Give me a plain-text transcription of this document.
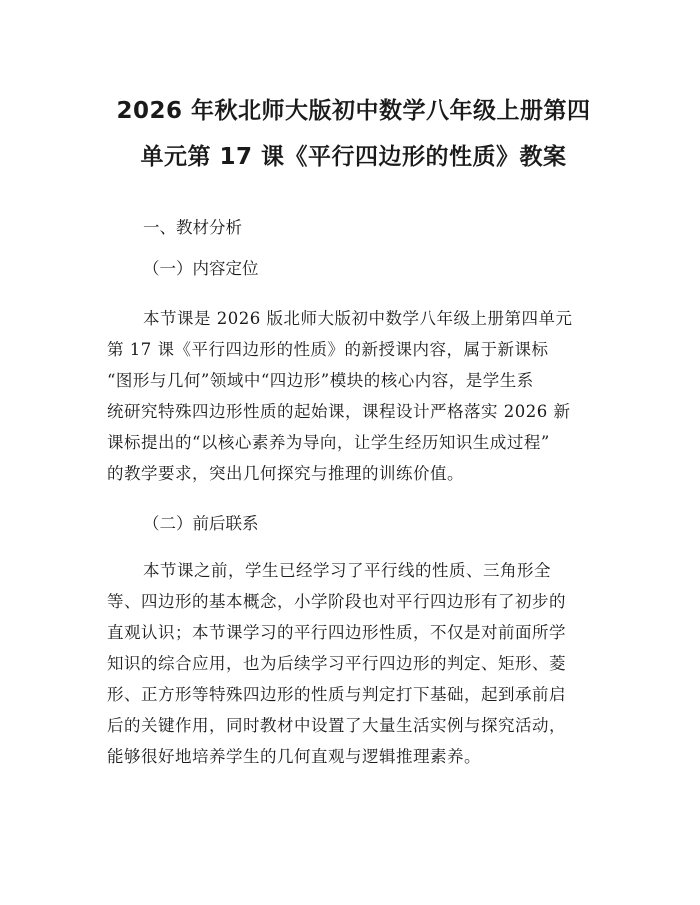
2026 年秋北师大版初中数学八年级上册第四
单元第 17 课《平行四边形的性质》教案

一、教材分析

（一）内容定位

本节课是 2026 版北师大版初中数学八年级上册第四单元
第 17 课《平行四边形的性质》的新授课内容，属于新课标
“图形与几何”领域中“四边形”模块的核心内容，是学生系
统研究特殊四边形性质的起始课，课程设计严格落实 2026 新
课标提出的“以核心素养为导向，让学生经历知识生成过程”
的教学要求，突出几何探究与推理的训练价值。

（二）前后联系

本节课之前，学生已经学习了平行线的性质、三角形全
等、四边形的基本概念，小学阶段也对平行四边形有了初步的
直观认识；本节课学习的平行四边形性质，不仅是对前面所学
知识的综合应用，也为后续学习平行四边形的判定、矩形、菱
形、正方形等特殊四边形的性质与判定打下基础，起到承前启
后的关键作用，同时教材中设置了大量生活实例与探究活动，
能够很好地培养学生的几何直观与逻辑推理素养。
